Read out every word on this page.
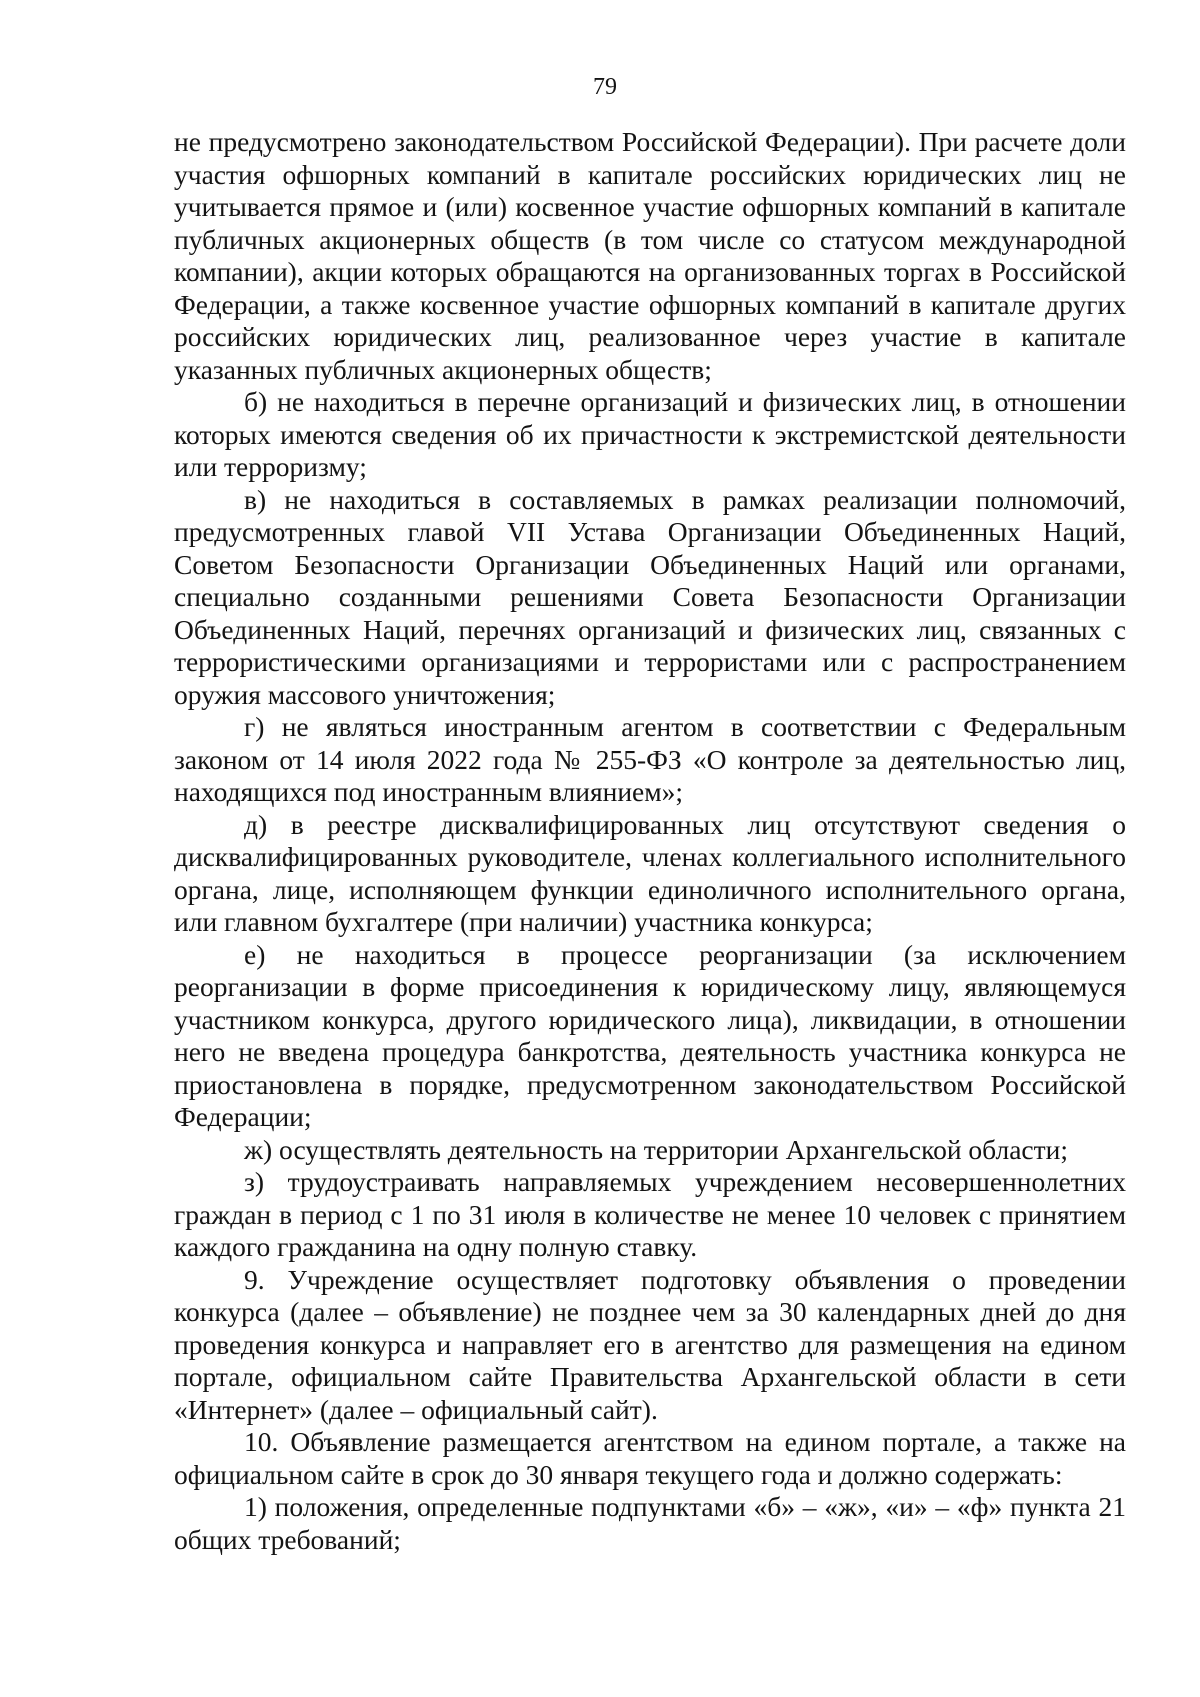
79

не предусмотрено законодательством Российской Федерации). При расчете доли участия офшорных компаний в капитале российских юридических лиц не учитывается прямое и (или) косвенное участие офшорных компаний в капитале публичных акционерных обществ (в том числе со статусом международной компании), акции которых обращаются на организованных торгах в Российской Федерации, а также косвенное участие офшорных компаний в капитале других российских юридических лиц, реализованное через участие в капитале указанных публичных акционерных обществ;

б) не находиться в перечне организаций и физических лиц, в отношении которых имеются сведения об их причастности к экстремистской деятельности или терроризму;

в) не находиться в составляемых в рамках реализации полномочий, предусмотренных главой VII Устава Организации Объединенных Наций, Советом Безопасности Организации Объединенных Наций или органами, специально созданными решениями Совета Безопасности Организации Объединенных Наций, перечнях организаций и физических лиц, связанных с террористическими организациями и террористами или с распространением оружия массового уничтожения;

г) не являться иностранным агентом в соответствии с Федеральным законом от 14 июля 2022 года № 255-ФЗ «О контроле за деятельностью лиц, находящихся под иностранным влиянием»;

д) в реестре дисквалифицированных лиц отсутствуют сведения о дисквалифицированных руководителе, членах коллегиального исполнительного органа, лице, исполняющем функции единоличного исполнительного органа, или главном бухгалтере (при наличии) участника конкурса;

е) не находиться в процессе реорганизации (за исключением реорганизации в форме присоединения к юридическому лицу, являющемуся участником конкурса, другого юридического лица), ликвидации, в отношении него не введена процедура банкротства, деятельность участника конкурса не приостановлена в порядке, предусмотренном законодательством Российской Федерации;

ж) осуществлять деятельность на территории Архангельской области;

з) трудоустраивать направляемых учреждением несовершеннолетних граждан в период с 1 по 31 июля в количестве не менее 10 человек с принятием каждого гражданина на одну полную ставку.

9. Учреждение осуществляет подготовку объявления о проведении конкурса (далее – объявление) не позднее чем за 30 календарных дней до дня проведения конкурса и направляет его в агентство для размещения на едином портале, официальном сайте Правительства Архангельской области в сети «Интернет» (далее – официальный сайт).

10. Объявление размещается агентством на едином портале, а также на официальном сайте в срок до 30 января текущего года и должно содержать:

1) положения, определенные подпунктами «б» – «ж», «и» – «ф» пункта 21 общих требований;
